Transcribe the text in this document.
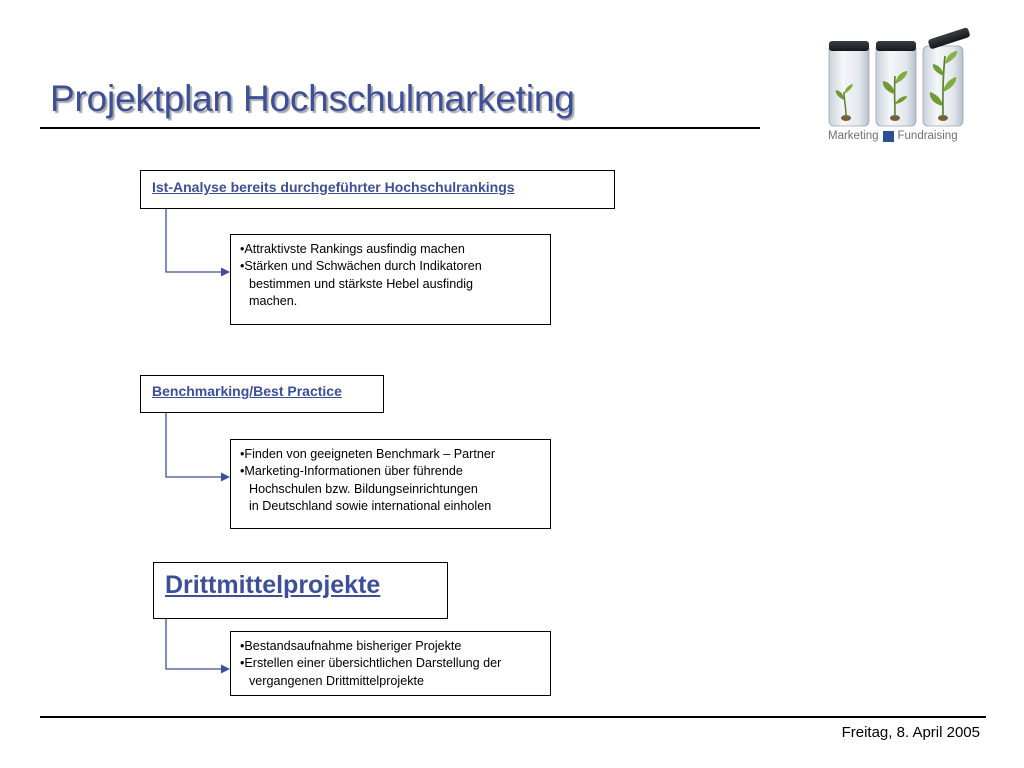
Projektplan Hochschulmarketing
Marketing Fundraising
Ist-Analyse bereits durchgeführter Hochschulrankings
•Attraktivste Rankings ausfindig machen
•Stärken und Schwächen durch Indikatoren
bestimmen und stärkste Hebel ausfindig
machen.
Benchmarking/Best Practice
•Finden von geeigneten Benchmark – Partner
•Marketing-Informationen über führende
Hochschulen bzw. Bildungseinrichtungen
in Deutschland sowie international einholen
Drittmittelprojekte
•Bestandsaufnahme bisheriger Projekte
•Erstellen einer übersichtlichen Darstellung der
vergangenen Drittmittelprojekte
Freitag, 8. April 2005
